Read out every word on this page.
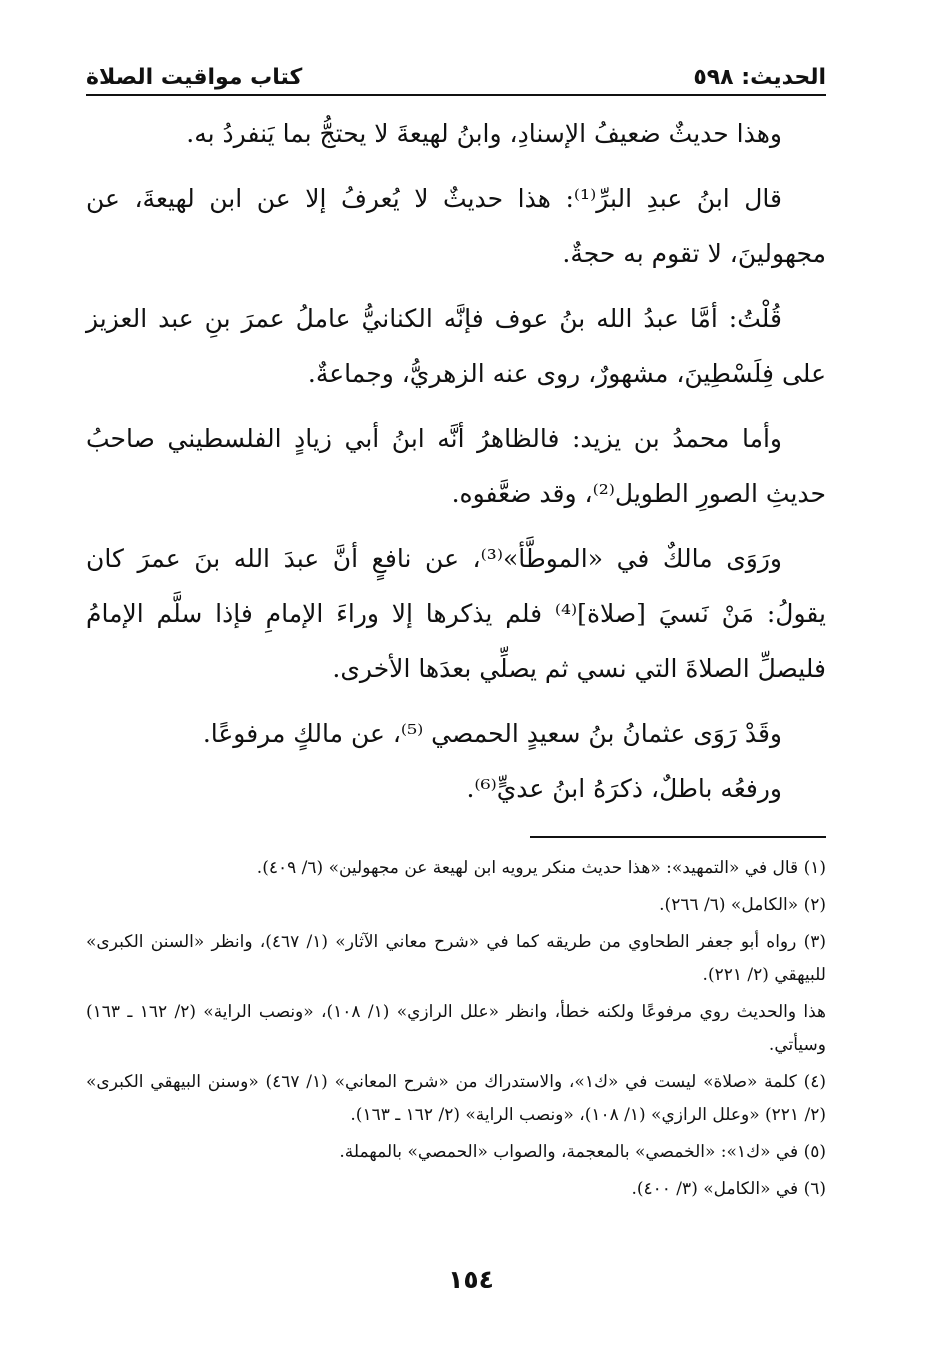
كتاب مواقيت الصلاة	الحديث: ٥٩٨

وهذا حديثٌ ضعيفُ الإسنادِ، وابنُ لهيعةَ لا يحتجُّ بما يَنفردُ به.

قال ابنُ عبدِ البرِّ⁽¹⁾: هذا حديثٌ لا يُعرفُ إلا عن ابن لهيعةَ، عن مجهولينَ، لا تقوم به حجةٌ.

قُلْتُ: أمَّا عبدُ الله بنُ عوف فإنَّه الكنانيُّ عاملُ عمرَ بنِ عبد العزيز على فِلَسْطِينَ، مشهورٌ، روى عنه الزهريُّ، وجماعةٌ.

وأما محمدُ بن يزيد: فالظاهرُ أنَّه ابنُ أبي زيادٍ الفلسطيني صاحبُ حديثِ الصورِ الطويل⁽²⁾، وقد ضعَّفوه.

ورَوَى مالكٌ في «الموطَّأ»⁽³⁾، عن نافعٍ أنَّ عبدَ الله بنَ عمرَ كان يقولُ: مَنْ نَسيَ [صلاة]⁽⁴⁾ فلم يذكرها إلا وراءَ الإمامِ فإذا سلَّم الإمامُ فليصلِّ الصلاةَ التي نسي ثم يصلِّي بعدَها الأخرى.

وقَدْ رَوَى عثمانُ بنُ سعيدٍ الحمصي ⁽⁵⁾، عن مالكٍ مرفوعًا.

ورفعُه باطلٌ، ذكرَهُ ابنُ عديٍّ⁽⁶⁾.

(١) قال في «التمهيد»: «هذا حديث منكر يرويه ابن لهيعة عن مجهولين» (٦/ ٤٠٩).

(٢) «الكامل» (٦/ ٢٦٦).

(٣) رواه أبو جعفر الطحاوي من طريقه كما في «شرح معاني الآثار» (١/ ٤٦٧)، وانظر «السنن الكبرى» للبيهقي (٢/ ٢٢١).

هذا والحديث روي مرفوعًا ولكنه خطأ، وانظر «علل الرازي» (١/ ١٠٨)، «ونصب الراية» (٢/ ١٦٢ ـ ١٦٣) وسيأتي.

(٤) كلمة «صلاة» ليست في «ك١»، والاستدراك من «شرح المعاني» (١/ ٤٦٧) «وسنن البيهقي الكبرى» (٢/ ٢٢١) «وعلل الرازي» (١/ ١٠٨)، «ونصب الراية» (٢/ ١٦٢ ـ ١٦٣).

(٥) في «ك١»: «الخمصي» بالمعجمة، والصواب «الحمصي» بالمهملة.

(٦) في «الكامل» (٣/ ٤٠٠).

١٥٤
